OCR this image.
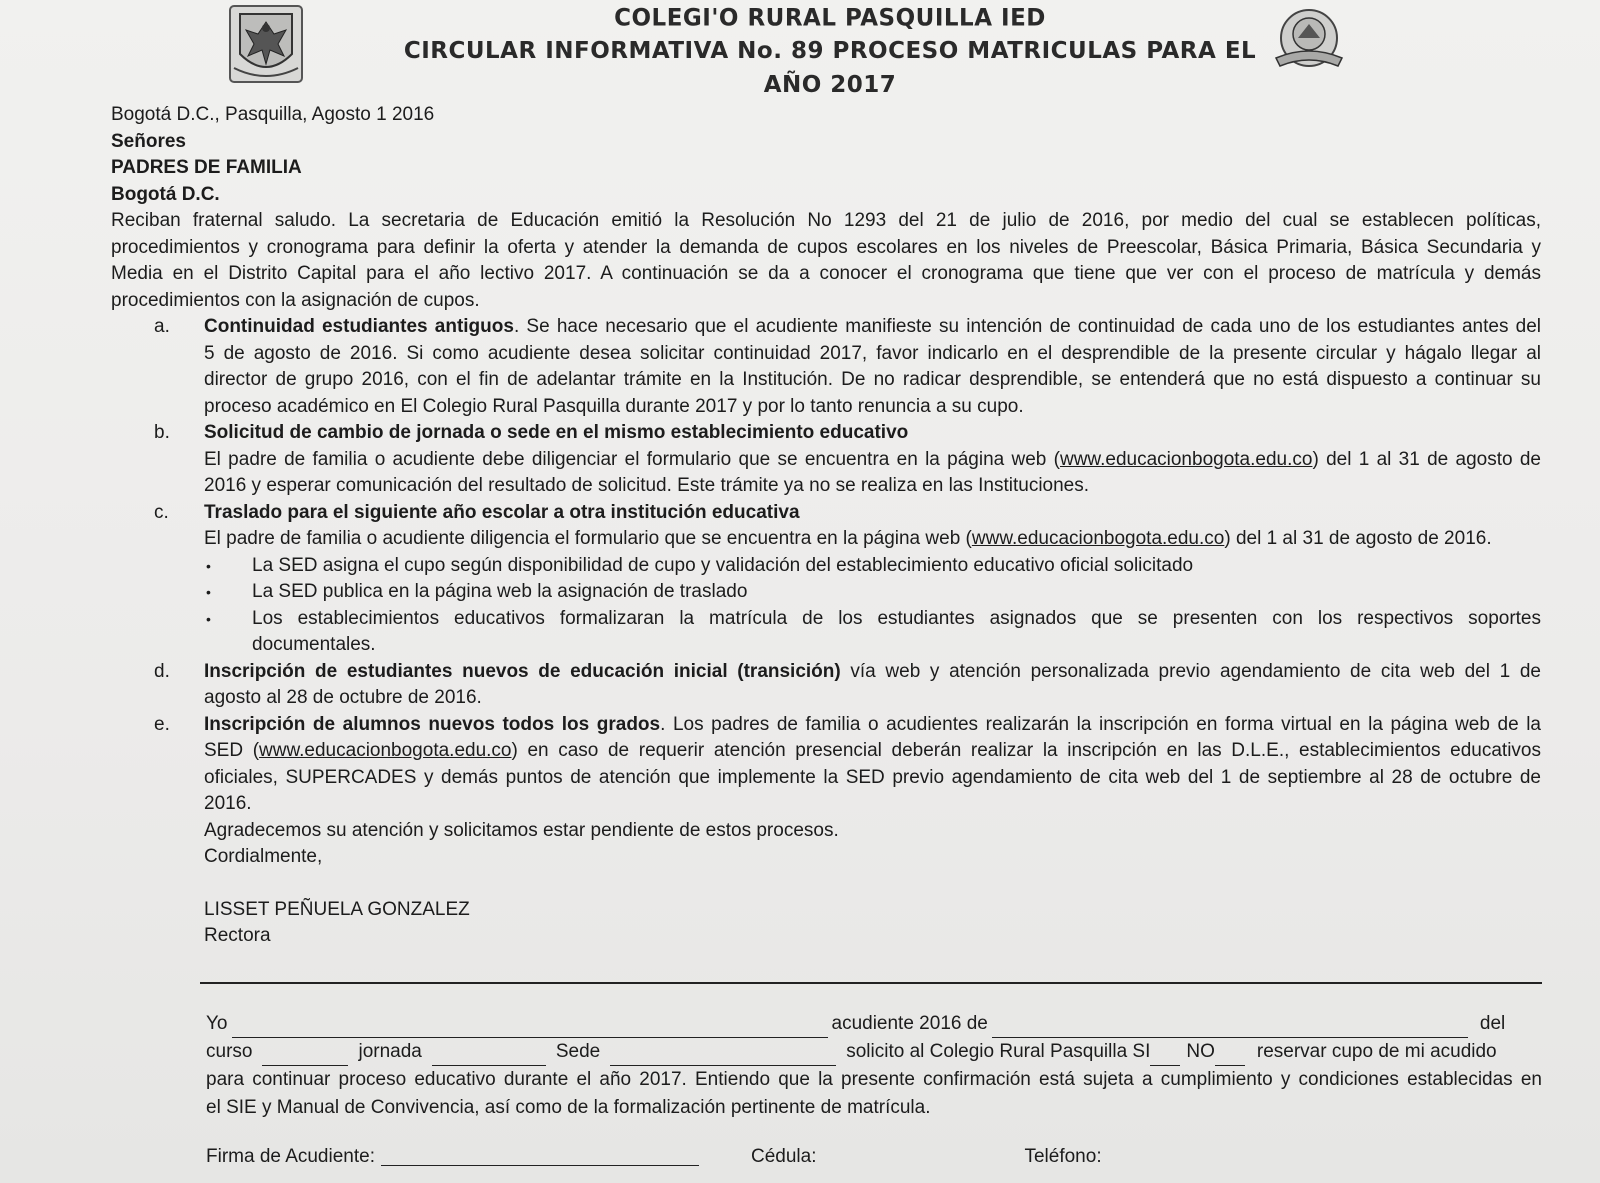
COLEGI'O RURAL PASQUILLA IED
CIRCULAR INFORMATIVA No. 89 PROCESO MATRICULAS PARA EL AÑO 2017
Bogotá D.C., Pasquilla, Agosto 1 2016
Señores
PADRES DE FAMILIA
Bogotá D.C.
Reciban fraternal saludo. La secretaria de Educación emitió la Resolución No 1293 del 21 de julio de 2016, por medio del cual se establecen políticas,
procedimientos y cronograma para definir la oferta y atender la demanda de cupos escolares en los niveles de Preescolar, Básica Primaria, Básica Secundaria y
Media en el Distrito Capital para el año lectivo 2017. A continuación se da a conocer el cronograma que tiene que ver con el proceso de matrícula y demás
procedimientos con la asignación de cupos.
a.	Continuidad estudiantes antiguos. Se hace necesario que el acudiente manifieste su intención de continuidad de cada uno de los estudiantes antes del
5 de agosto de 2016. Si como acudiente desea solicitar continuidad 2017, favor indicarlo en el desprendible de la presente circular y hágalo llegar al
director de grupo 2016, con el fin de adelantar trámite en la Institución. De no radicar desprendible, se entenderá que no está dispuesto a continuar su
proceso académico en El Colegio Rural Pasquilla durante 2017 y por lo tanto renuncia a su cupo.
b.	Solicitud de cambio de jornada o sede en el mismo establecimiento educativo
El padre de familia o acudiente debe diligenciar el formulario que se encuentra en la página web (www.educacionbogota.edu.co) del 1 al 31 de agosto de
2016 y esperar comunicación del resultado de solicitud. Este trámite ya no se realiza en las Instituciones.
c.	Traslado para el siguiente año escolar a otra institución educativa
El padre de familia o acudiente diligencia el formulario que se encuentra en la página web (www.educacionbogota.edu.co) del 1 al 31 de agosto de 2016.
•	La SED asigna el cupo según disponibilidad de cupo y validación del establecimiento educativo oficial solicitado
•	La SED publica en la página web la asignación de traslado
•	Los establecimientos educativos formalizaran la matrícula de los estudiantes asignados que se presenten con los respectivos soportes
documentales.
d.	Inscripción de estudiantes nuevos de educación inicial (transición) vía web y atención personalizada previo agendamiento de cita web del 1 de
agosto al 28 de octubre de 2016.
e.	Inscripción de alumnos nuevos todos los grados. Los padres de familia o acudientes realizarán la inscripción en forma virtual en la página web de la
SED (www.educacionbogota.edu.co) en caso de requerir atención presencial deberán realizar la inscripción en las D.L.E., establecimientos educativos
oficiales, SUPERCADES y demás puntos de atención que implemente la SED previo agendamiento de cita web del 1 de septiembre al 28 de octubre de
2016.
Agradecemos su atención y solicitamos estar pendiente de estos procesos.
Cordialmente,
LISSET PEÑUELA GONZALEZ
Rectora
Yo	acudiente 2016 de	del
curso	jornada	Sede	solicito al Colegio Rural Pasquilla SI NO reservar cupo de mi acudido
para continuar proceso educativo durante el año 2017. Entiendo que la presente confirmación está sujeta a cumplimiento y condiciones establecidas en
el SIE y Manual de Convivencia, así como de la formalización pertinente de matrícula.
Firma de Acudiente:	Cédula:	Teléfono:
